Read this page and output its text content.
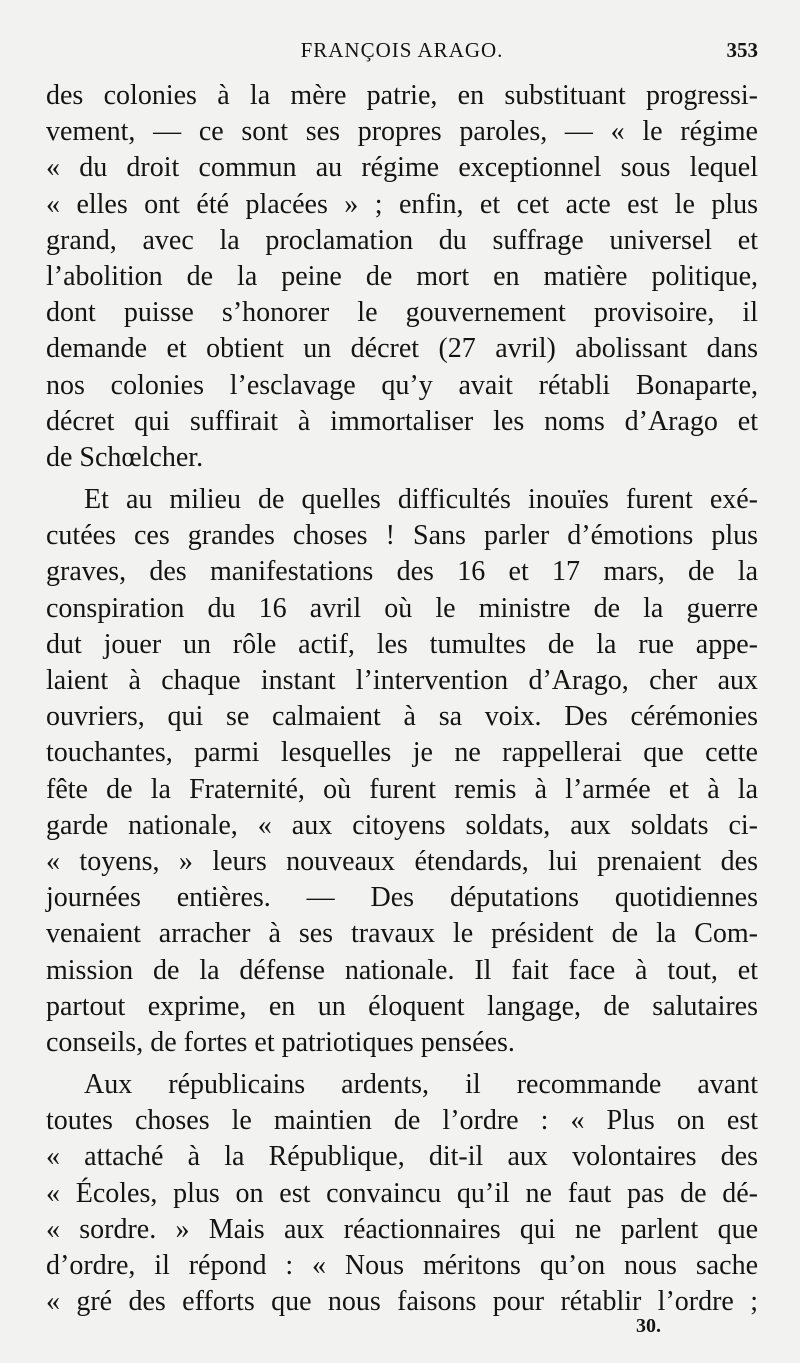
FRANÇOIS ARAGO.	353
des colonies à la mère patrie, en substituant progressi-
vement, — ce sont ses propres paroles, — « le régime
« du droit commun au régime exceptionnel sous lequel
« elles ont été placées » ; enfin, et cet acte est le plus
grand, avec la proclamation du suffrage universel et
l’abolition de la peine de mort en matière politique,
dont puisse s’honorer le gouvernement provisoire, il
demande et obtient un décret (27 avril) abolissant dans
nos colonies l’esclavage qu’y avait rétabli Bonaparte,
décret qui suffirait à immortaliser les noms d’Arago et
de Schœlcher.
Et au milieu de quelles difficultés inouïes furent exé-
cutées ces grandes choses ! Sans parler d’émotions plus
graves, des manifestations des 16 et 17 mars, de la
conspiration du 16 avril où le ministre de la guerre
dut jouer un rôle actif, les tumultes de la rue appe-
laient à chaque instant l’intervention d’Arago, cher aux
ouvriers, qui se calmaient à sa voix. Des cérémonies
touchantes, parmi lesquelles je ne rappellerai que cette
fête de la Fraternité, où furent remis à l’armée et à la
garde nationale, « aux citoyens soldats, aux soldats ci-
« toyens, » leurs nouveaux étendards, lui prenaient des
journées entières. — Des députations quotidiennes
venaient arracher à ses travaux le président de la Com-
mission de la défense nationale. Il fait face à tout, et
partout exprime, en un éloquent langage, de salutaires
conseils, de fortes et patriotiques pensées.
Aux républicains ardents, il recommande avant
toutes choses le maintien de l’ordre : « Plus on est
« attaché à la République, dit-il aux volontaires des
« Écoles, plus on est convaincu qu’il ne faut pas de dé-
« sordre. » Mais aux réactionnaires qui ne parlent que
d’ordre, il répond : « Nous méritons qu’on nous sache
« gré des efforts que nous faisons pour rétablir l’ordre ;
30.
